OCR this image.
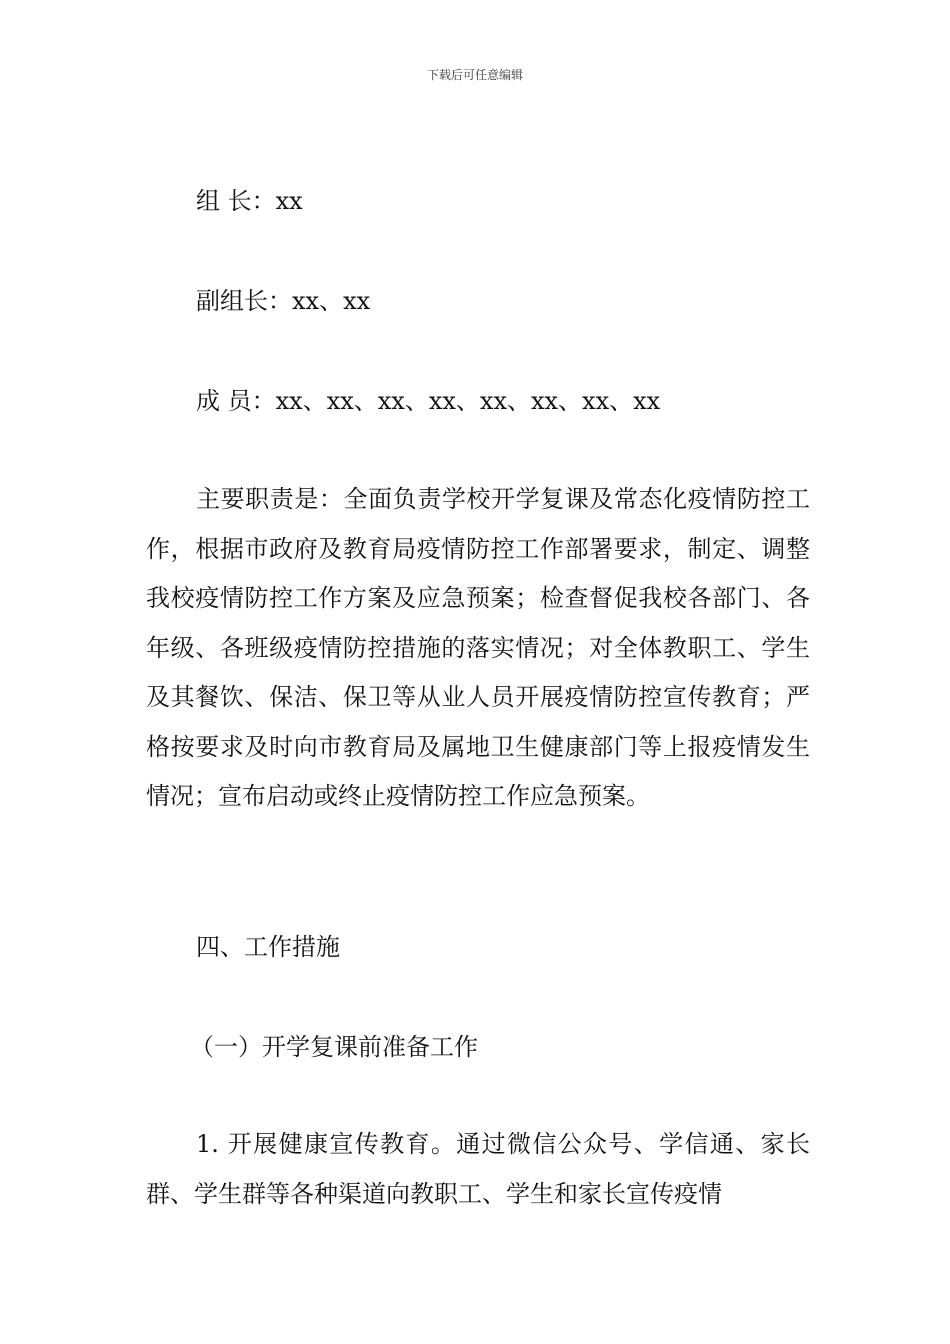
下载后可任意编辑
组 长：xx
副组长：xx、xx
成 员：xx、xx、xx、xx、xx、xx、xx、xx
主要职责是：全面负责学校开学复课及常态化疫情防控工作，根据市政府及教育局疫情防控工作部署要求，制定、调整我校疫情防控工作方案及应急预案；检查督促我校各部门、各年级、各班级疫情防控措施的落实情况；对全体教职工、学生及其餐饮、保洁、保卫等从业人员开展疫情防控宣传教育；严格按要求及时向市教育局及属地卫生健康部门等上报疫情发生情况；宣布启动或终止疫情防控工作应急预案。
四、工作措施
（一）开学复课前准备工作
1. 开展健康宣传教育。通过微信公众号、学信通、家长群、学生群等各种渠道向教职工、学生和家长宣传疫情
